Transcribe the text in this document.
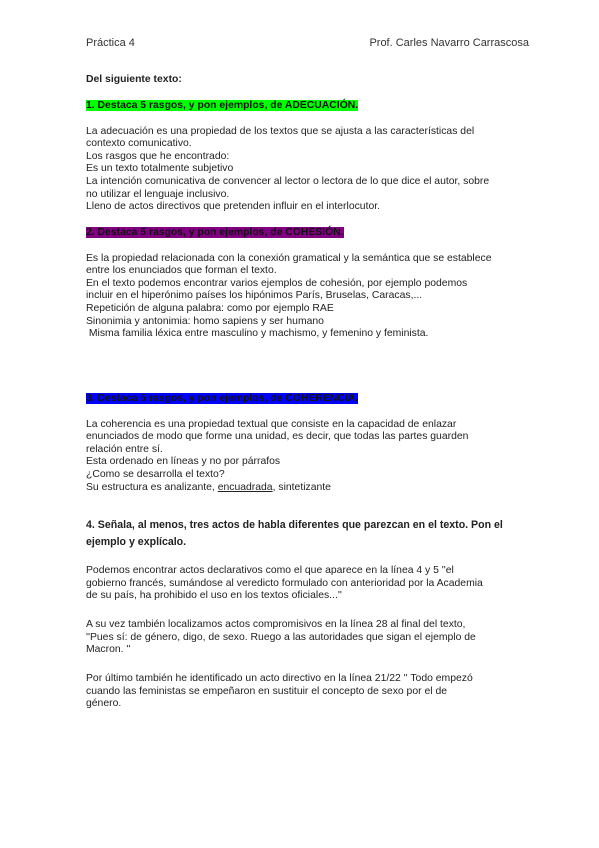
Práctica 4	Prof. Carles Navarro Carrascosa
Del siguiente texto:
1. Destaca 5 rasgos, y pon ejemplos, de ADECUACIÓN.
La adecuación es una propiedad de los textos que se ajusta a las características del
contexto comunicativo.
Los rasgos que he encontrado:
Es un texto totalmente subjetivo
La intención comunicativa de convencer al lector o lectora de lo que dice el autor, sobre
no utilizar el lenguaje inclusivo.
Lleno de actos directivos que pretenden influir en el interlocutor.
2. Destaca 5 rasgos, y pon ejemplos, de COHESIÓN.
Es la propiedad relacionada con la conexión gramatical y la semántica que se establece
entre los enunciados que forman el texto.
En el texto podemos encontrar varios ejemplos de cohesión, por ejemplo podemos
incluir en el hiperónimo países los hipónimos París, Bruselas, Caracas,...
Repetición de alguna palabra: como por ejemplo RAE
Sinonimia y antonimia: homo sapiens y ser humano
Misma familia léxica entre masculino y machismo, y femenino y feminista.
3. Destaca 5 rasgos, y pon ejemplos, de COHERENCIA.
La coherencia es una propiedad textual que consiste en la capacidad de enlazar
enunciados de modo que forme una unidad, es decir, que todas las partes guarden
relación entre sí.
Esta ordenado en líneas y no por párrafos
¿Como se desarrolla el texto?
Su estructura es analizante, encuadrada, sintetizante
4. Señala, al menos, tres actos de habla diferentes que parezcan en el texto. Pon el
ejemplo y explícalo.
Podemos encontrar actos declarativos como el que aparece en la línea 4 y 5 ''el
gobierno francés, sumándose al veredicto formulado con anterioridad por la Academia
de su país, ha prohibido el uso en los textos oficiales...''
A su vez también localizamos actos compromisivos en la línea 28 al final del texto,
''Pues sí: de género, digo, de sexo. Ruego a las autoridades que sigan el ejemplo de
Macron. ''
Por último también he identificado un acto directivo en la línea 21/22 '' Todo empezó
cuando las feministas se empeñaron en sustituir el concepto de sexo por el de
género.
